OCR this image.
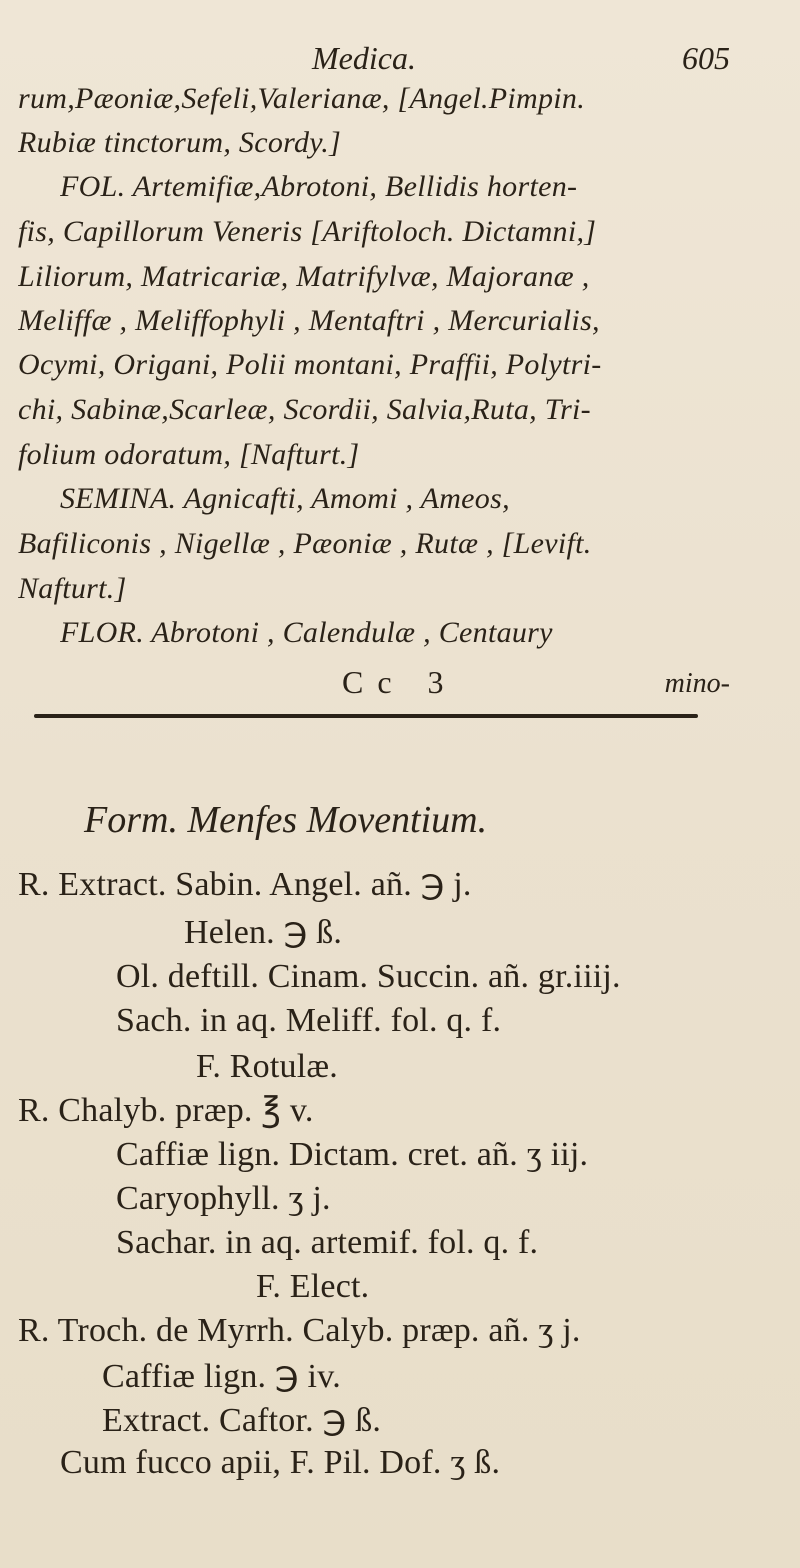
Medica.	605
rum,Pæoniæ,Sefeli,Valerianæ, [Angel.Pimpin.
Rubiæ tinctorum, Scordy.]
FOL. Artemifiæ,Abrotoni, Bellidis horten-
fis, Capillorum Veneris [Ariftoloch. Dictamni,]
Liliorum, Matricariæ, Matrifylvæ, Majoranæ ,
Meliffæ , Meliffophyli , Mentaftri , Mercurialis,
Ocymi, Origani, Polii montani, Praffii, Polytri-
chi, Sabinæ,Scarleæ, Scordii, Salvia,Ruta, Tri-
folium odoratum, [Nafturt.]
SEMINA. Agnicafti, Amomi , Ameos,
Bafiliconis , Nigellæ , Pæoniæ , Rutæ , [Levift.
Nafturt.]
FLOR. Abrotoni , Calendulæ , Centaury
Cc 3	mino-
Form. Menfes Moventium.
R. Extract. Sabin. Angel. añ. ℈ j.
Helen. ℈ ß.
Ol. deftill. Cinam. Succin. añ. gr.iiij.
Sach. in aq. Meliff. fol. q. f.
F. Rotulæ.
R. Chalyb. præp. ℥ v.
Caffiæ lign. Dictam. cret. añ. ʒ iij.
Caryophyll. ʒ j.
Sachar. in aq. artemif. fol. q. f.
F. Elect.
R. Troch. de Myrrh. Calyb. præp. añ. ʒ j.
Caffiæ lign. ℈ iv.
Extract. Caftor. ℈ ß.
Cum fucco apii, F. Pil. Dof. ʒ ß.
